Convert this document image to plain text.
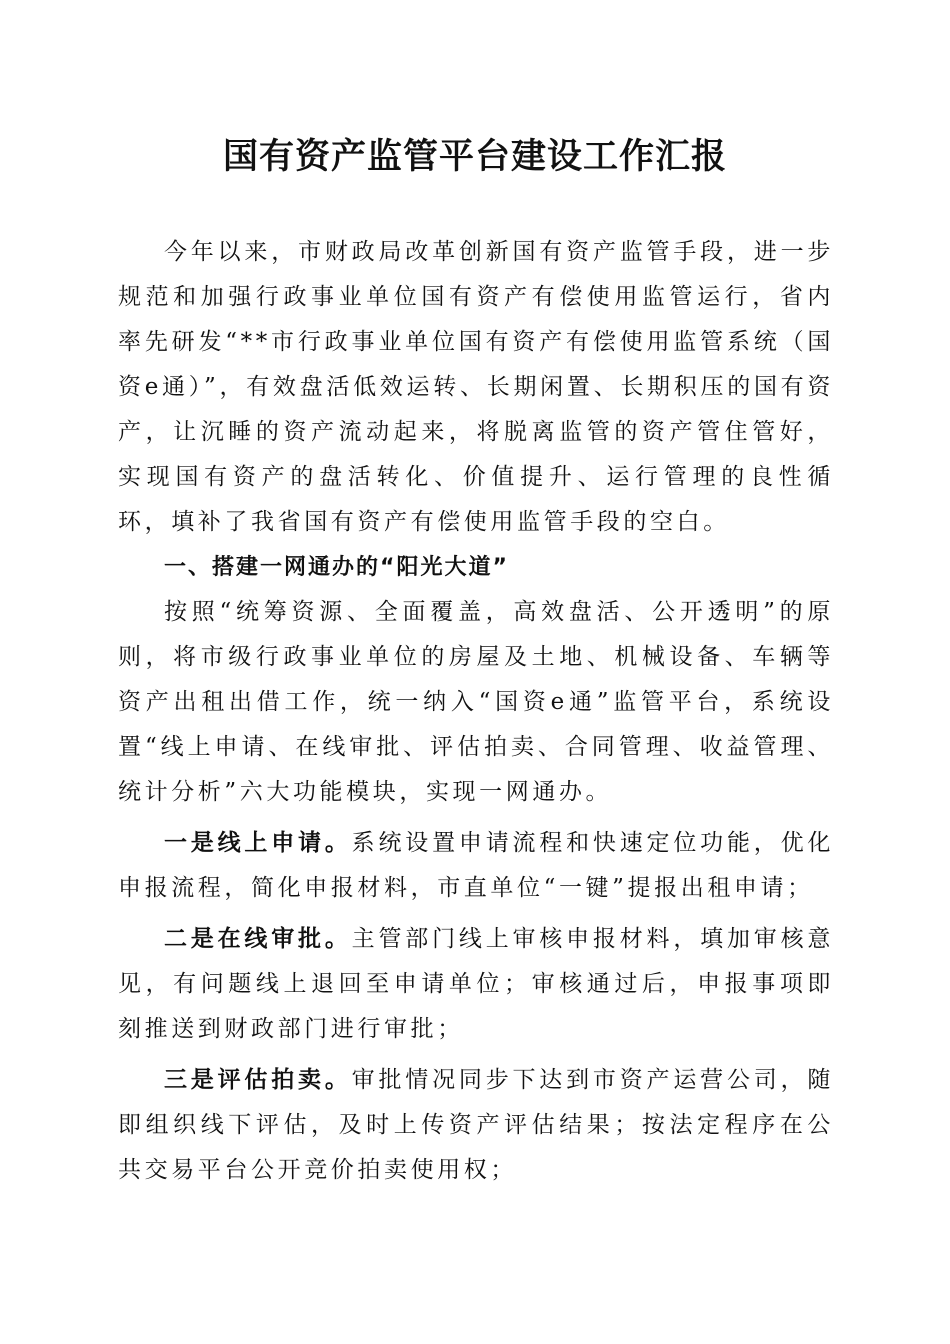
国有资产监管平台建设工作汇报

今年以来，市财政局改革创新国有资产监管手段，进一步规范和加强行政事业单位国有资产有偿使用监管运行，省内率先研发“**市行政事业单位国有资产有偿使用监管系统（国资e通）”，有效盘活低效运转、长期闲置、长期积压的国有资产，让沉睡的资产流动起来，将脱离监管的资产管住管好，实现国有资产的盘活转化、价值提升、运行管理的良性循环，填补了我省国有资产有偿使用监管手段的空白。

一、搭建一网通办的“阳光大道”

按照“统筹资源、全面覆盖，高效盘活、公开透明”的原则，将市级行政事业单位的房屋及土地、机械设备、车辆等资产出租出借工作，统一纳入“国资e通”监管平台，系统设置“线上申请、在线审批、评估拍卖、合同管理、收益管理、统计分析”六大功能模块，实现一网通办。

一是线上申请。系统设置申请流程和快速定位功能，优化申报流程，简化申报材料，市直单位“一键”提报出租申请；

二是在线审批。主管部门线上审核申报材料，填加审核意见，有问题线上退回至申请单位；审核通过后，申报事项即刻推送到财政部门进行审批；

三是评估拍卖。审批情况同步下达到市资产运营公司，随即组织线下评估，及时上传资产评估结果；按法定程序在公共交易平台公开竞价拍卖使用权；
